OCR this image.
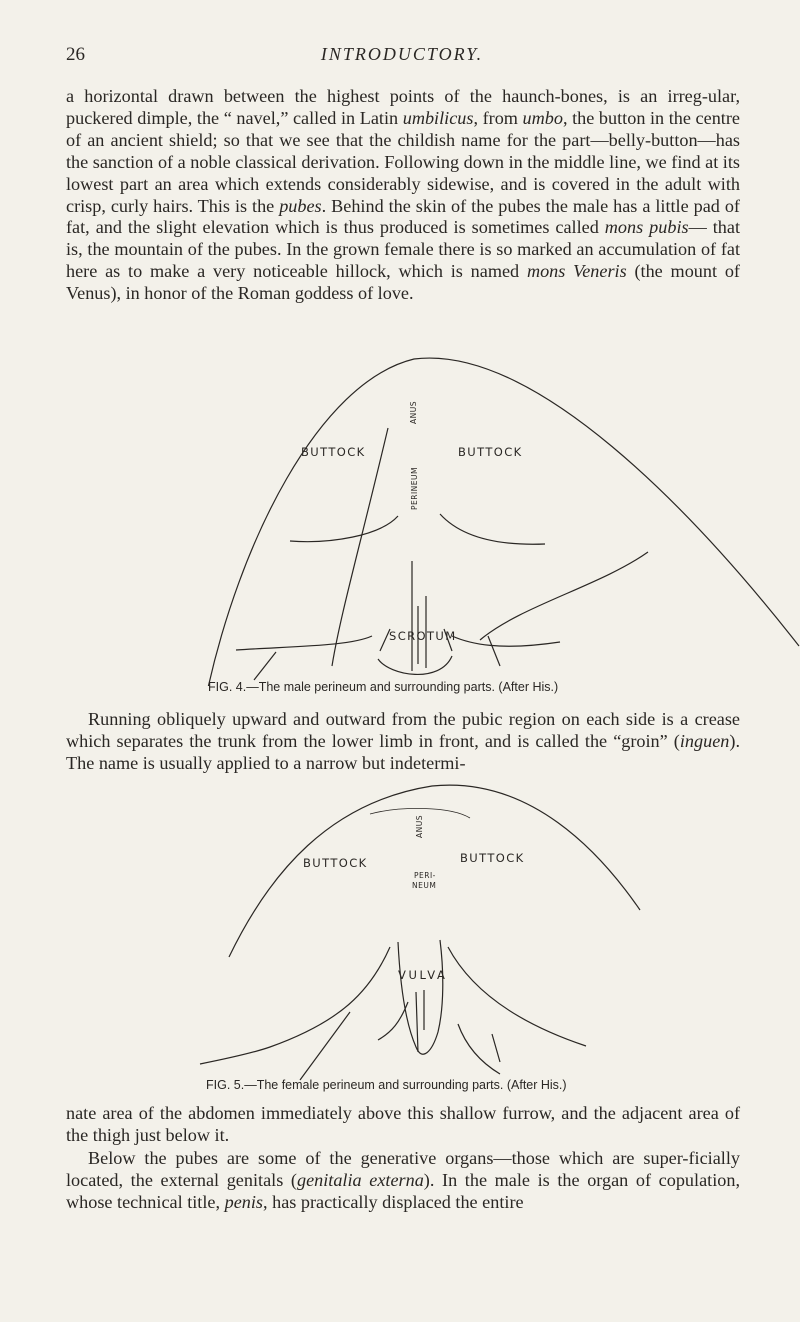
26	INTRODUCTORY.

a horizontal drawn between the highest points of the haunch-bones, is an irreg-ular, puckered dimple, the “ navel,” called in Latin umbilicus, from umbo, the button in the centre of an ancient shield; so that we see that the childish name for the part—belly-button—has the sanction of a noble classical derivation. Following down in the middle line, we find at its lowest part an area which extends considerably sidewise, and is covered in the adult with crisp, curly hairs. This is the pubes. Behind the skin of the pubes the male has a little pad of fat, and the slight elevation which is thus produced is sometimes called mons pubis— that is, the mountain of the pubes. In the grown female there is so marked an accumulation of fat here as to make a very noticeable hillock, which is named mons Veneris (the mount of Venus), in honor of the Roman goddess of love.

BUTTOCK	BUTTOCK
ANUS
PERINEUM
SCROTUM
FIG. 4.—The male perineum and surrounding parts. (After His.)

Running obliquely upward and outward from the pubic region on each side is a crease which separates the trunk from the lower limb in front, and is called the “groin” (inguen). The name is usually applied to a narrow but indetermi-

BUTTOCK	BUTTOCK
ANUS
PERI-
NEUM
VULVA
FIG. 5.—The female perineum and surrounding parts. (After His.)

nate area of the abdomen immediately above this shallow furrow, and the adjacent area of the thigh just below it.

Below the pubes are some of the generative organs—those which are super-ficially located, the external genitals (genitalia externa). In the male is the organ of copulation, whose technical title, penis, has practically displaced the entire
